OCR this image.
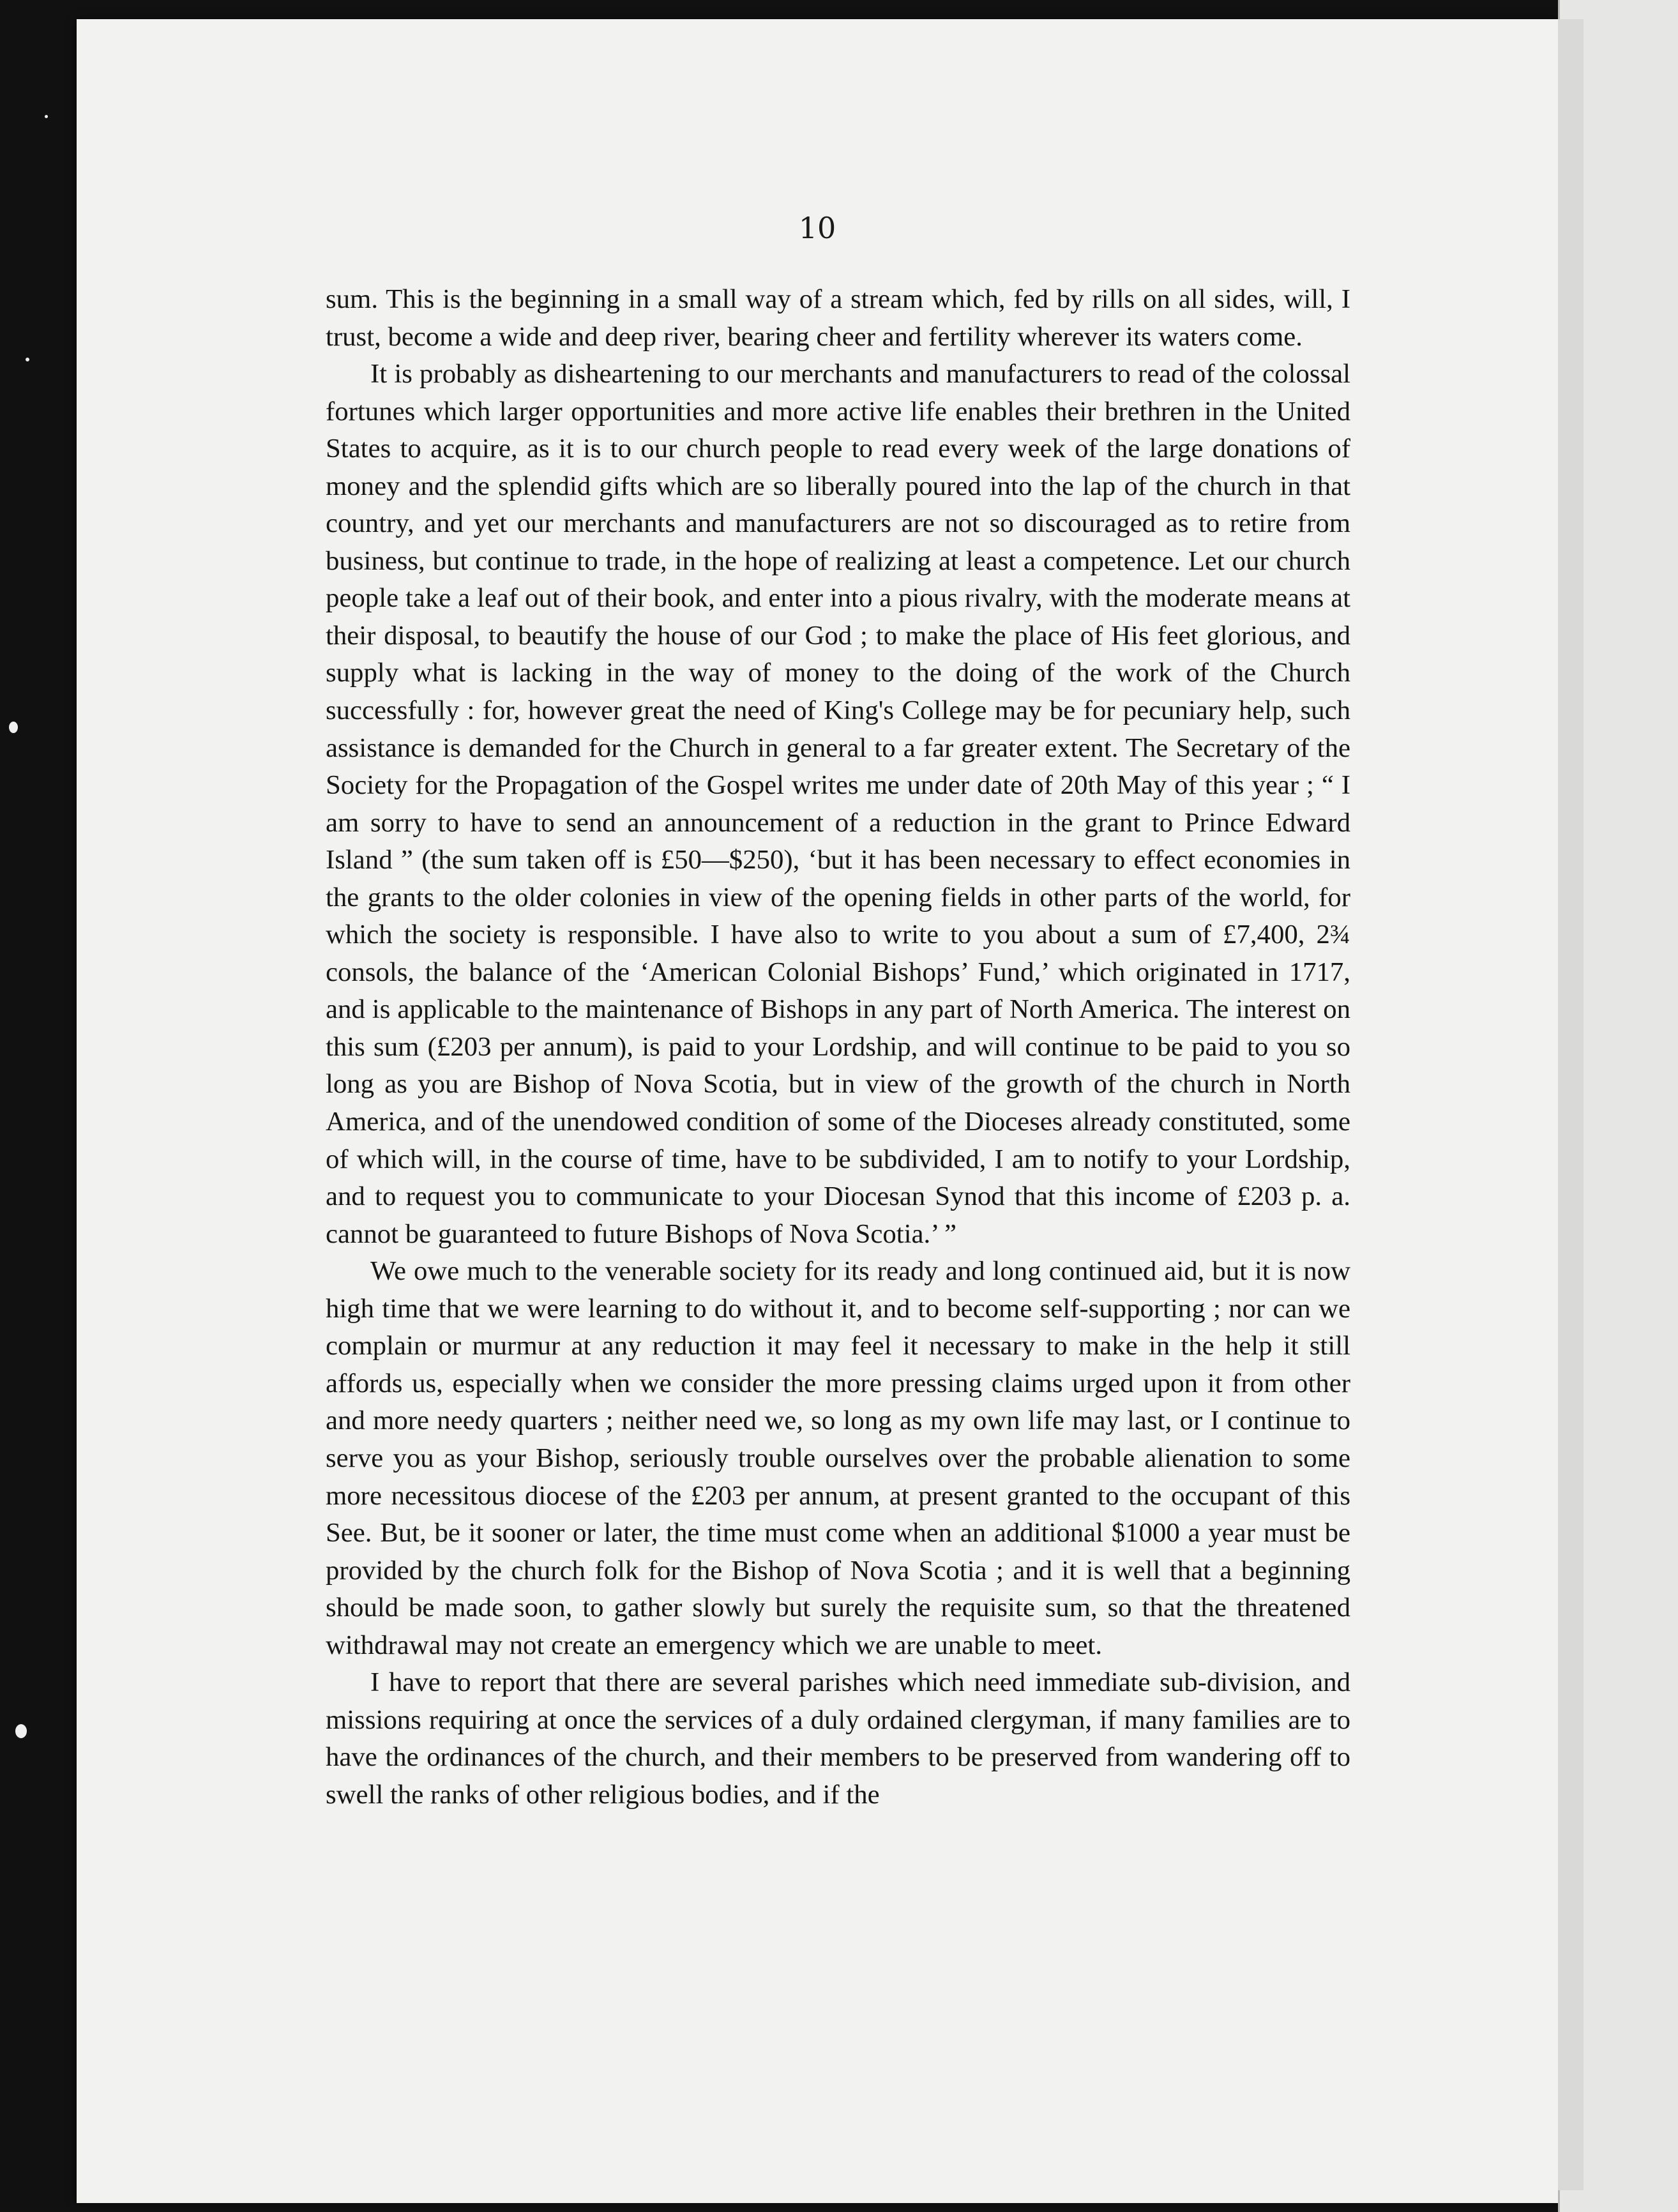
10

sum. This is the beginning in a small way of a stream which, fed by rills on all sides, will, I trust, become a wide and deep river, bearing cheer and fertility wherever its waters come.

It is probably as disheartening to our merchants and manufacturers to read of the colossal fortunes which larger opportunities and more active life enables their brethren in the United States to acquire, as it is to our church people to read every week of the large donations of money and the splendid gifts which are so liberally poured into the lap of the church in that country, and yet our merchants and manufacturers are not so discouraged as to retire from business, but continue to trade, in the hope of realizing at least a competence. Let our church people take a leaf out of their book, and enter into a pious rivalry, with the moderate means at their disposal, to beautify the house of our God ; to make the place of His feet glorious, and supply what is lacking in the way of money to the doing of the work of the Church successfully : for, however great the need of King's College may be for pecuniary help, such assistance is demanded for the Church in general to a far greater extent. The Secretary of the Society for the Propagation of the Gospel writes me under date of 20th May of this year ; “ I am sorry to have to send an announcement of a reduction in the grant to Prince Edward Island ” (the sum taken off is £50—$250), ‘but it has been necessary to effect economies in the grants to the older colonies in view of the opening fields in other parts of the world, for which the society is responsible. I have also to write to you about a sum of £7,400, 2¾ consols, the balance of the ‘American Colonial Bishops’ Fund,’ which originated in 1717, and is applicable to the maintenance of Bishops in any part of North America. The interest on this sum (£203 per annum), is paid to your Lordship, and will continue to be paid to you so long as you are Bishop of Nova Scotia, but in view of the growth of the church in North America, and of the unendowed condition of some of the Dioceses already constituted, some of which will, in the course of time, have to be subdivided, I am to notify to your Lordship, and to request you to communicate to your Diocesan Synod that this income of £203 p. a. cannot be guaranteed to future Bishops of Nova Scotia.’ ”

We owe much to the venerable society for its ready and long continued aid, but it is now high time that we were learning to do without it, and to become self-supporting ; nor can we complain or murmur at any reduction it may feel it necessary to make in the help it still affords us, especially when we consider the more pressing claims urged upon it from other and more needy quarters ; neither need we, so long as my own life may last, or I continue to serve you as your Bishop, seriously trouble ourselves over the probable alienation to some more necessitous diocese of the £203 per annum, at present granted to the occupant of this See. But, be it sooner or later, the time must come when an additional $1000 a year must be provided by the church folk for the Bishop of Nova Scotia ; and it is well that a beginning should be made soon, to gather slowly but surely the requisite sum, so that the threatened withdrawal may not create an emergency which we are unable to meet.

I have to report that there are several parishes which need immediate sub-division, and missions requiring at once the services of a duly ordained clergyman, if many families are to have the ordinances of the church, and their members to be preserved from wandering off to swell the ranks of other religious bodies, and if the
